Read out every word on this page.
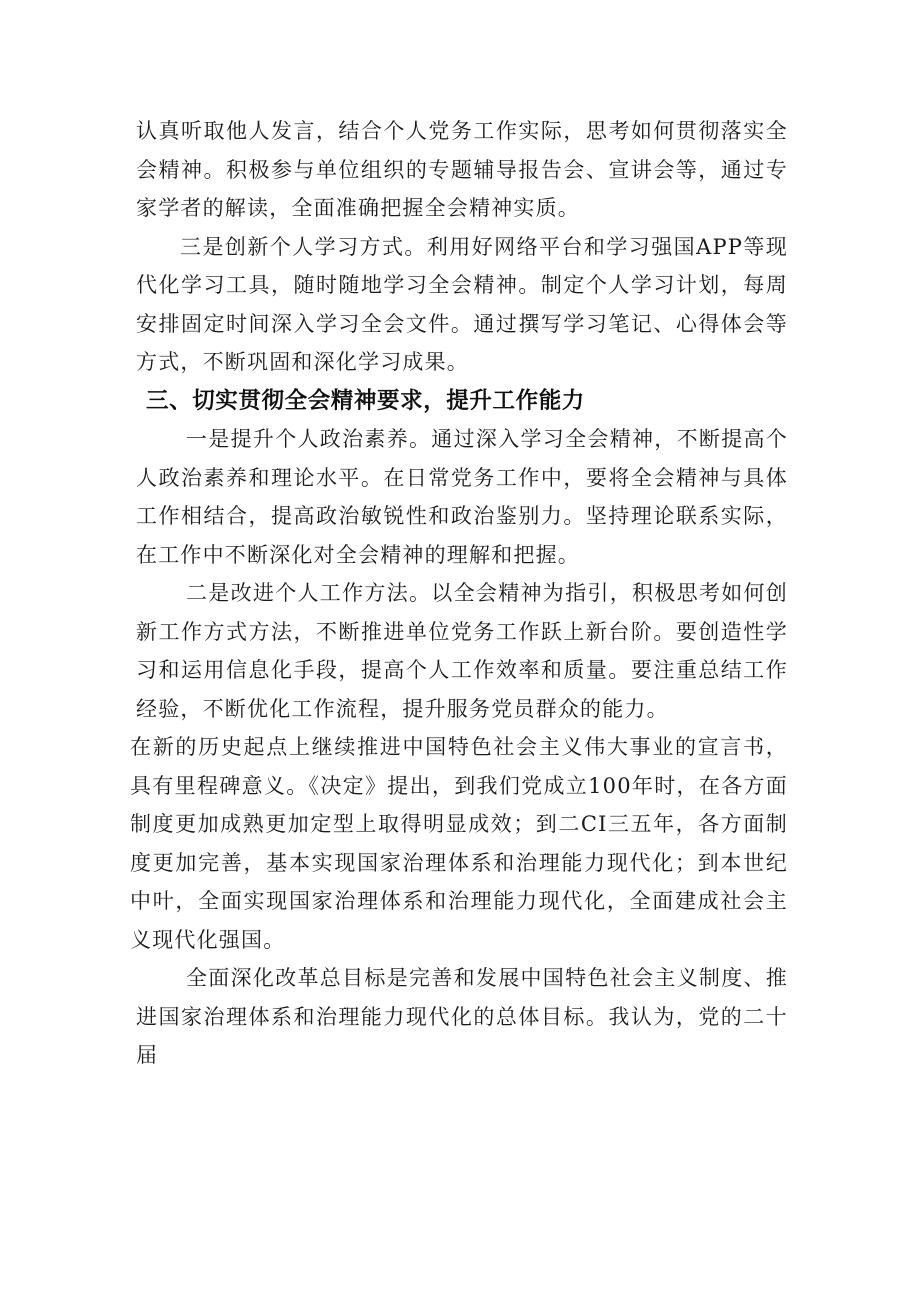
认真听取他人发言，结合个人党务工作实际，思考如何贯彻落实全会精神。积极参与单位组织的专题辅导报告会、宣讲会等，通过专家学者的解读，全面准确把握全会精神实质。

三是创新个人学习方式。利用好网络平台和学习强国APP等现代化学习工具，随时随地学习全会精神。制定个人学习计划，每周安排固定时间深入学习全会文件。通过撰写学习笔记、心得体会等方式，不断巩固和深化学习成果。

三、切实贯彻全会精神要求，提升工作能力

一是提升个人政治素养。通过深入学习全会精神，不断提高个人政治素养和理论水平。在日常党务工作中，要将全会精神与具体工作相结合，提高政治敏锐性和政治鉴别力。坚持理论联系实际，在工作中不断深化对全会精神的理解和把握。

二是改进个人工作方法。以全会精神为指引，积极思考如何创新工作方式方法，不断推进单位党务工作跃上新台阶。要创造性学习和运用信息化手段，提高个人工作效率和质量。要注重总结工作经验，不断优化工作流程，提升服务党员群众的能力。

在新的历史起点上继续推进中国特色社会主义伟大事业的宣言书，具有里程碑意义。《决定》提出，到我们党成立100年时，在各方面制度更加成熟更加定型上取得明显成效；到二CI三五年，各方面制度更加完善，基本实现国家治理体系和治理能力现代化；到本世纪中叶，全面实现国家治理体系和治理能力现代化，全面建成社会主义现代化强国。

全面深化改革总目标是完善和发展中国特色社会主义制度、推进国家治理体系和治理能力现代化的总体目标。我认为，党的二十届
